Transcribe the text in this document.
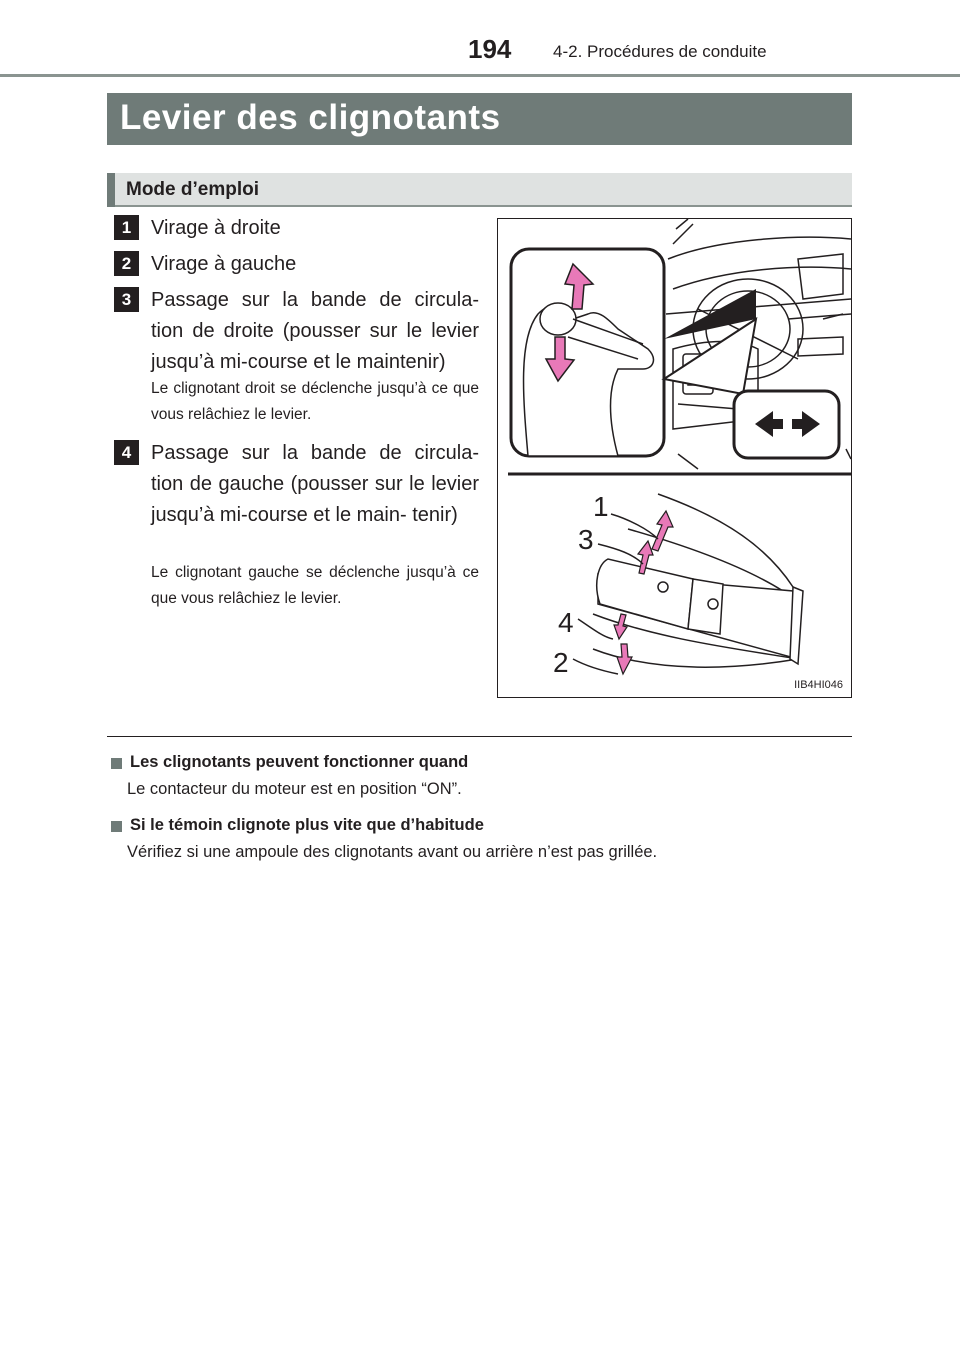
194 4-2. Procédures de conduite
Levier des clignotants
Mode d’emploi
1 Virage à droite
2 Virage à gauche
3 Passage sur la bande de circula- tion de droite (pousser sur le levier jusqu’à mi-course et le maintenir)
Le clignotant droit se déclenche jusqu’à ce que vous relâchiez le levier.
4 Passage sur la bande de circula- tion de gauche (pousser sur le levier jusqu’à mi-course et le main- tenir)
Le clignotant gauche se déclenche jusqu’à ce que vous relâchiez le levier.
1
3
4
2
IIB4HI046
Les clignotants peuvent fonctionner quand
Le contacteur du moteur est en position “ON”.
Si le témoin clignote plus vite que d’habitude
Vérifiez si une ampoule des clignotants avant ou arrière n’est pas grillée.
